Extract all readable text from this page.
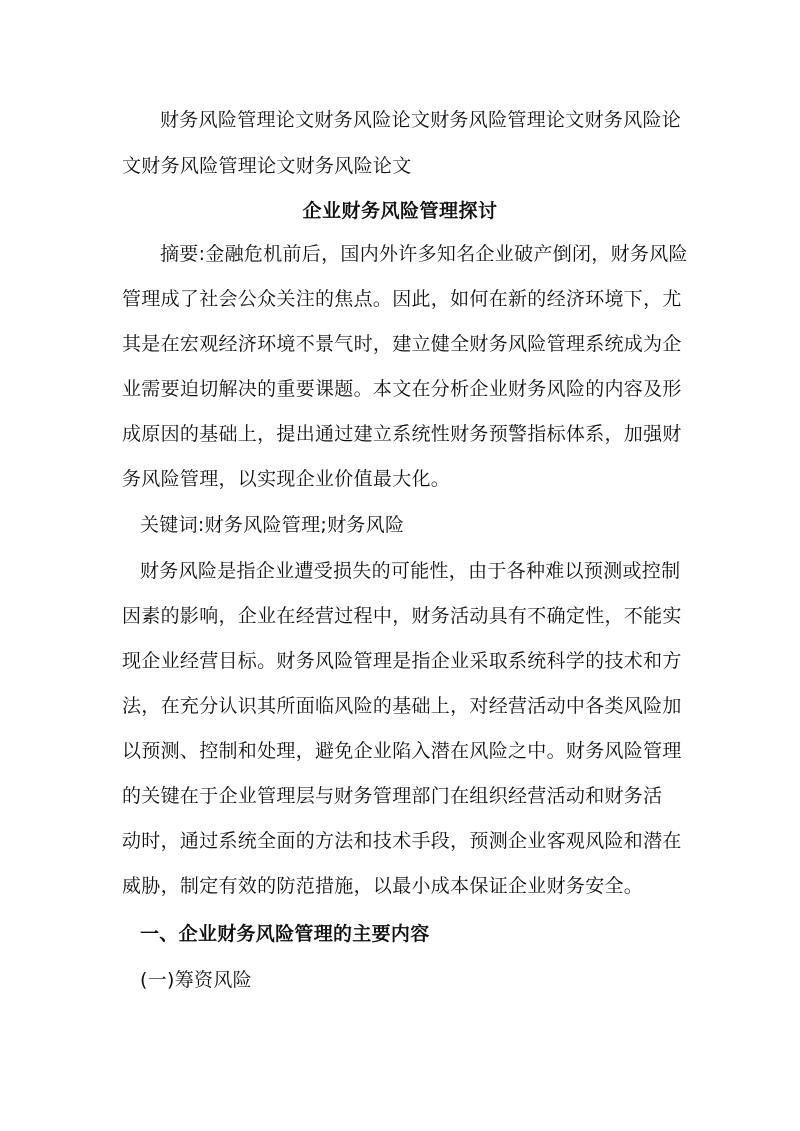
财务风险管理论文财务风险论文财务风险管理论文财务风险论
文财务风险管理论文财务风险论文
企业财务风险管理探讨
摘要:金融危机前后，国内外许多知名企业破产倒闭，财务风险
管理成了社会公众关注的焦点。因此，如何在新的经济环境下，尤
其是在宏观经济环境不景气时，建立健全财务风险管理系统成为企
业需要迫切解决的重要课题。本文在分析企业财务风险的内容及形
成原因的基础上，提出通过建立系统性财务预警指标体系，加强财
务风险管理，以实现企业价值最大化。
关键词:财务风险管理;财务风险
财务风险是指企业遭受损失的可能性，由于各种难以预测或控制
因素的影响，企业在经营过程中，财务活动具有不确定性，不能实
现企业经营目标。财务风险管理是指企业采取系统科学的技术和方
法，在充分认识其所面临风险的基础上，对经营活动中各类风险加
以预测、控制和处理，避免企业陷入潜在风险之中。财务风险管理
的关键在于企业管理层与财务管理部门在组织经营活动和财务活
动时，通过系统全面的方法和技术手段，预测企业客观风险和潜在
威胁，制定有效的防范措施，以最小成本保证企业财务安全。
一、企业财务风险管理的主要内容
(一)筹资风险
